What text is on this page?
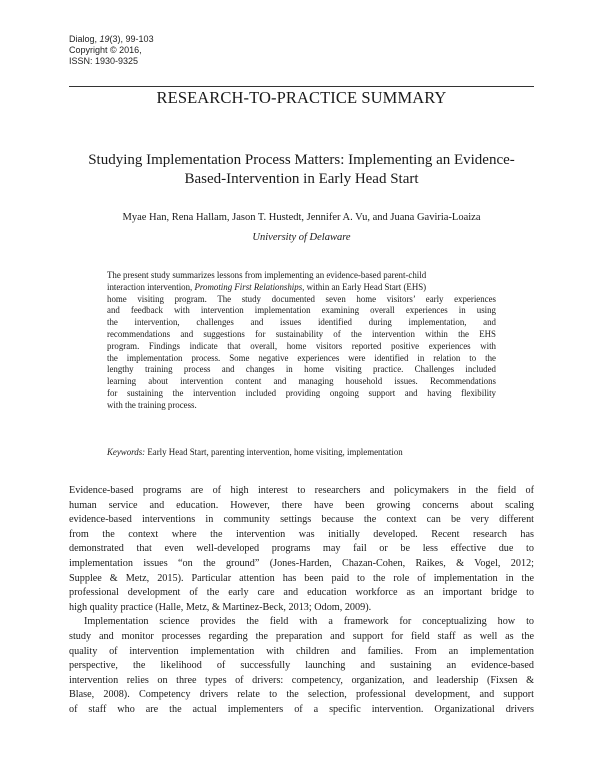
Dialog, 19(3), 99-103
Copyright © 2016,
ISSN: 1930-9325
RESEARCH-TO-PRACTICE SUMMARY
Studying Implementation Process Matters: Implementing an Evidence-
Based-Intervention in Early Head Start
Myae Han, Rena Hallam, Jason T. Hustedt, Jennifer A. Vu, and Juana Gaviria-Loaiza
University of Delaware
The present study summarizes lessons from implementing an evidence-based parent-child
interaction intervention, Promoting First Relationships, within an Early Head Start (EHS)
home visiting program. The study documented seven home visitors’ early experiences
and feedback with intervention implementation examining overall experiences in using
the intervention, challenges and issues identified during implementation, and
recommendations and suggestions for sustainability of the intervention within the EHS
program. Findings indicate that overall, home visitors reported positive experiences with
the implementation process. Some negative experiences were identified in relation to the
lengthy training process and changes in home visiting practice. Challenges included
learning about intervention content and managing household issues. Recommendations
for sustaining the intervention included providing ongoing support and having flexibility
with the training process.
Keywords: Early Head Start, parenting intervention, home visiting, implementation
Evidence-based programs are of high interest to researchers and policymakers in the field of
human service and education. However, there have been growing concerns about scaling
evidence-based interventions in community settings because the context can be very different
from the context where the intervention was initially developed. Recent research has
demonstrated that even well-developed programs may fail or be less effective due to
implementation issues “on the ground” (Jones-Harden, Chazan-Cohen, Raikes, & Vogel, 2012;
Supplee & Metz, 2015). Particular attention has been paid to the role of implementation in the
professional development of the early care and education workforce as an important bridge to
high quality practice (Halle, Metz, & Martinez-Beck, 2013; Odom, 2009).
Implementation science provides the field with a framework for conceptualizing how to
study and monitor processes regarding the preparation and support for field staff as well as the
quality of intervention implementation with children and families. From an implementation
perspective, the likelihood of successfully launching and sustaining an evidence-based
intervention relies on three types of drivers: competency, organization, and leadership (Fixsen &
Blase, 2008). Competency drivers relate to the selection, professional development, and support
of staff who are the actual implementers of a specific intervention. Organizational drivers
